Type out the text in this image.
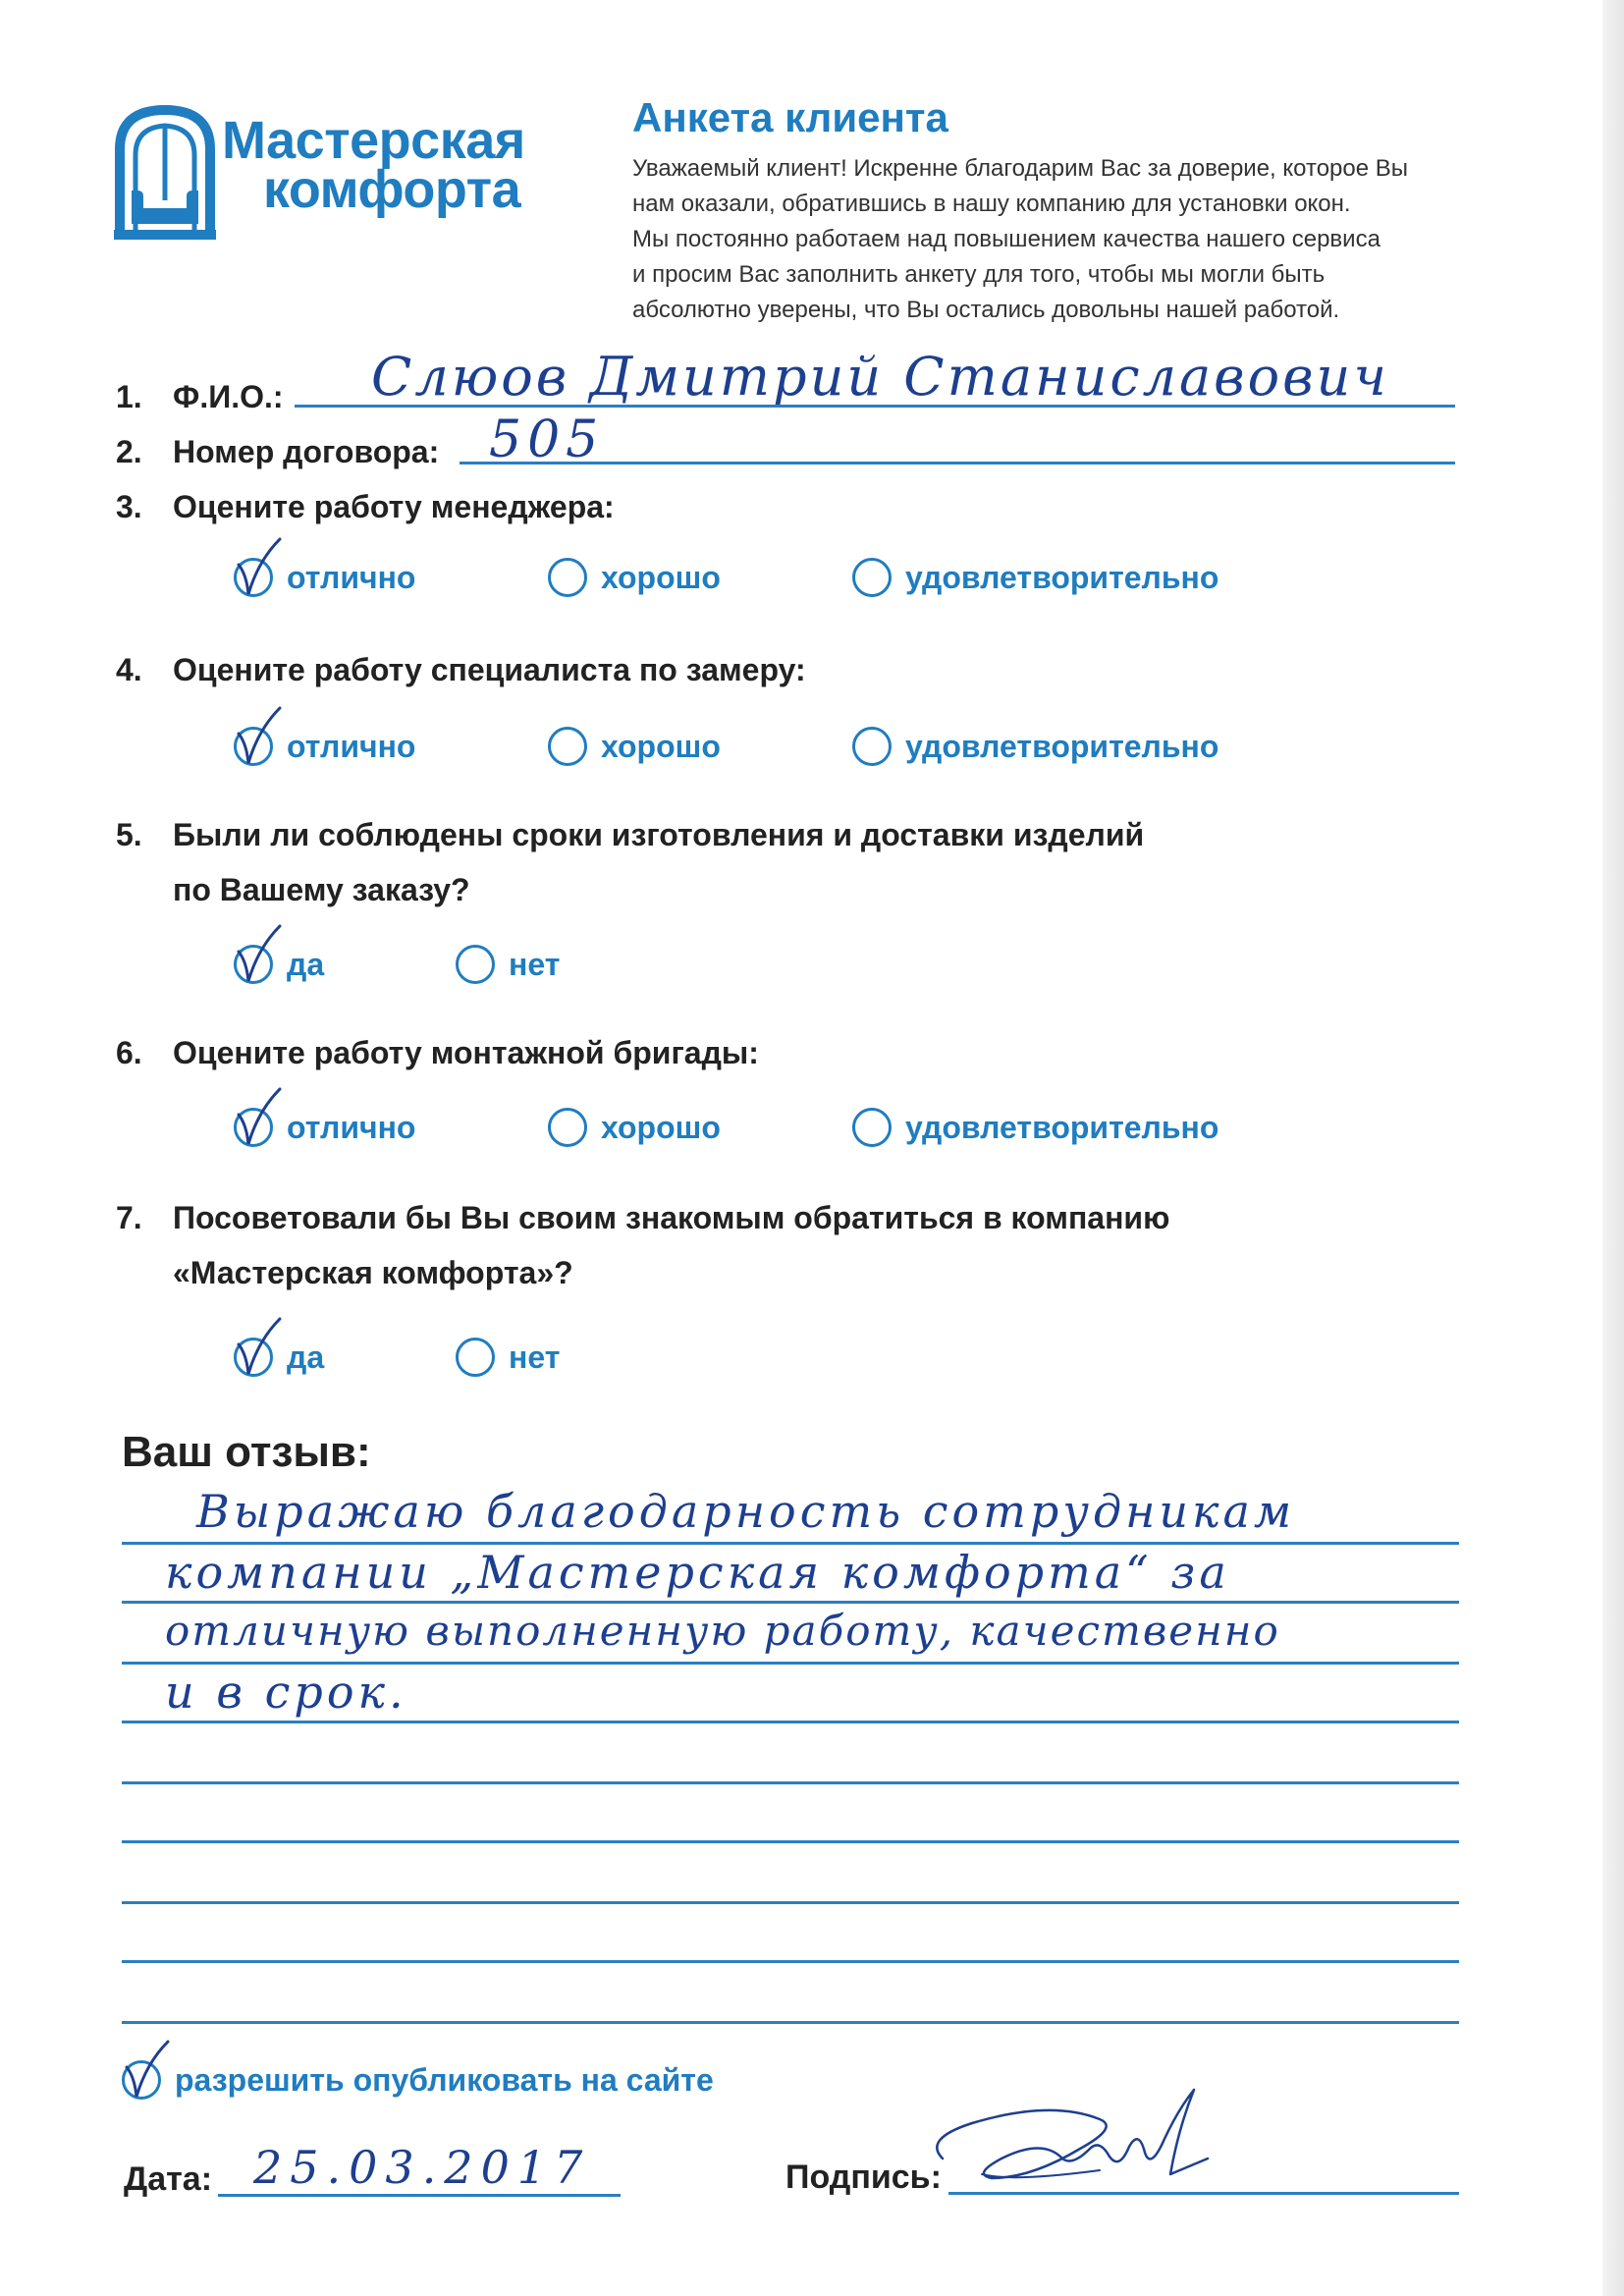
Мастерская
комфорта
Анкета клиента
Уважаемый клиент! Искренне благодарим Вас за доверие, которое Вы
нам оказали, обратившись в нашу компанию для установки окон.
Мы постоянно работаем над повышением качества нашего сервиса
и просим Вас заполнить анкету для того, чтобы мы могли быть
абсолютно уверены, что Вы остались довольны нашей работой.
1. Ф.И.О.: Слюов Дмитрий Станиславович
2. Номер договора: 505
3. Оцените работу менеджера:
отлично	хорошо	удовлетворительно
4. Оцените работу специалиста по замеру:
отлично	хорошо	удовлетворительно
5. Были ли соблюдены сроки изготовления и доставки изделий
по Вашему заказу?
да	нет
6. Оцените работу монтажной бригады:
отлично	хорошо	удовлетворительно
7. Посоветовали бы Вы своим знакомым обратиться в компанию
«Мастерская комфорта»?
да	нет
Ваш отзыв:
Выражаю благодарность сотрудникам
компании „Мастерская комфорта“ за
отличную выполненную работу, качественно
и в срок.
разрешить опубликовать на сайте
Дата: 25.03.2017	Подпись:
